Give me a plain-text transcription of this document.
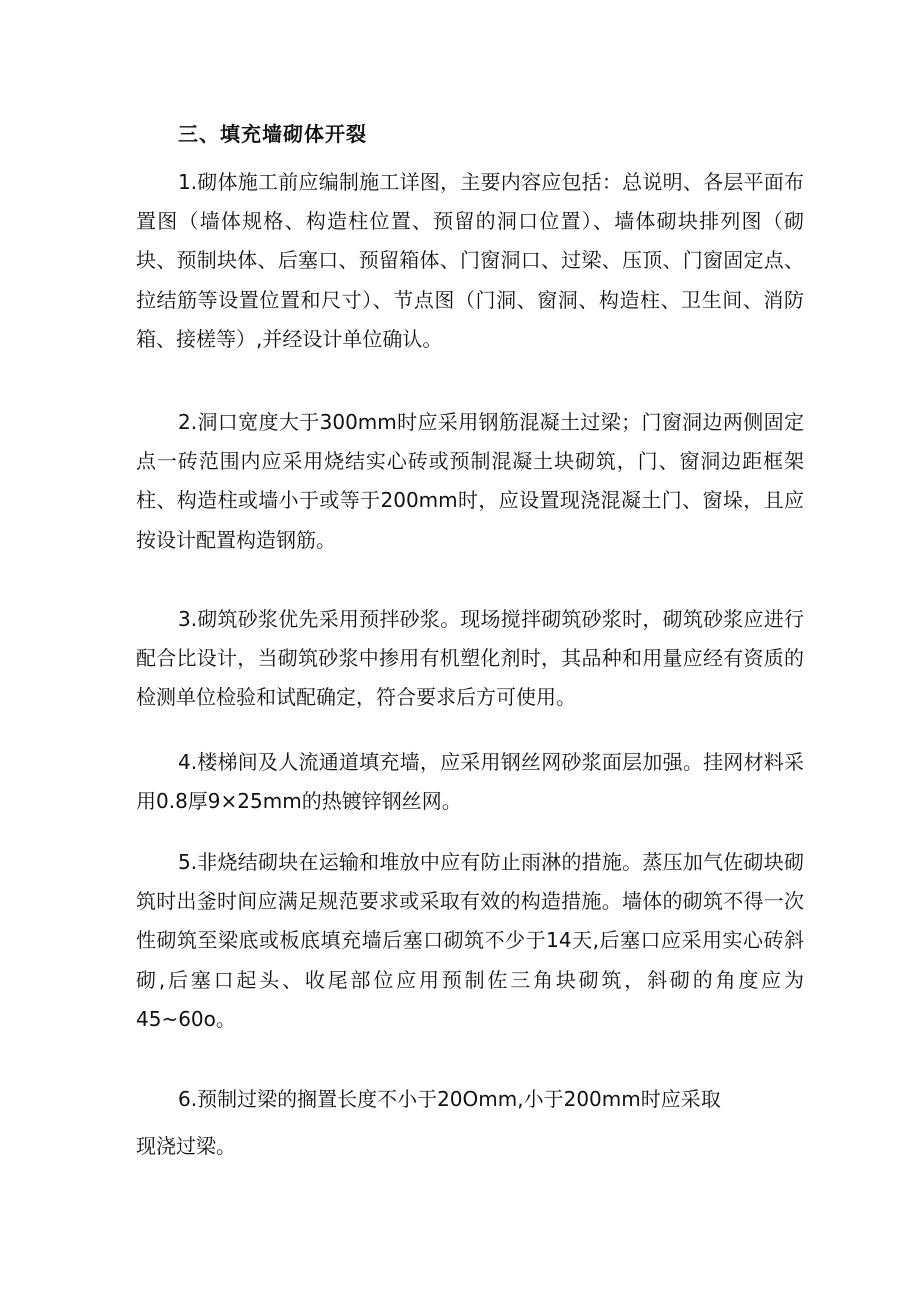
三、填充墙砌体开裂

1.砌体施工前应编制施工详图，主要内容应包括：总说明、各层平面布置图（墙体规格、构造柱位置、预留的洞口位置）、墙体砌块排列图（砌块、预制块体、后塞口、预留箱体、门窗洞口、过梁、压顶、门窗固定点、拉结筋等设置位置和尺寸）、节点图（门洞、窗洞、构造柱、卫生间、消防箱、接槎等）,并经设计单位确认。

2.洞口宽度大于300mm时应采用钢筋混凝土过梁；门窗洞边两侧固定点一砖范围内应采用烧结实心砖或预制混凝土块砌筑，门、窗洞边距框架柱、构造柱或墙小于或等于200mm时，应设置现浇混凝土门、窗垛，且应按设计配置构造钢筋。

3.砌筑砂浆优先采用预拌砂浆。现场搅拌砌筑砂浆时，砌筑砂浆应进行配合比设计，当砌筑砂浆中掺用有机塑化剂时，其品种和用量应经有资质的检测单位检验和试配确定，符合要求后方可使用。

4.楼梯间及人流通道填充墙，应采用钢丝网砂浆面层加强。挂网材料采用0.8厚9×25mm的热镀锌钢丝网。

5.非烧结砌块在运输和堆放中应有防止雨淋的措施。蒸压加气佐砌块砌筑时出釜时间应满足规范要求或采取有效的构造措施。墙体的砌筑不得一次性砌筑至梁底或板底填充墙后塞口砌筑不少于14天,后塞口应采用实心砖斜砌,后塞口起头、收尾部位应用预制佐三角块砌筑，斜砌的角度应为45~60o。

6.预制过梁的搁置长度不小于20Omm,小于200mm时应采取

现浇过梁。
